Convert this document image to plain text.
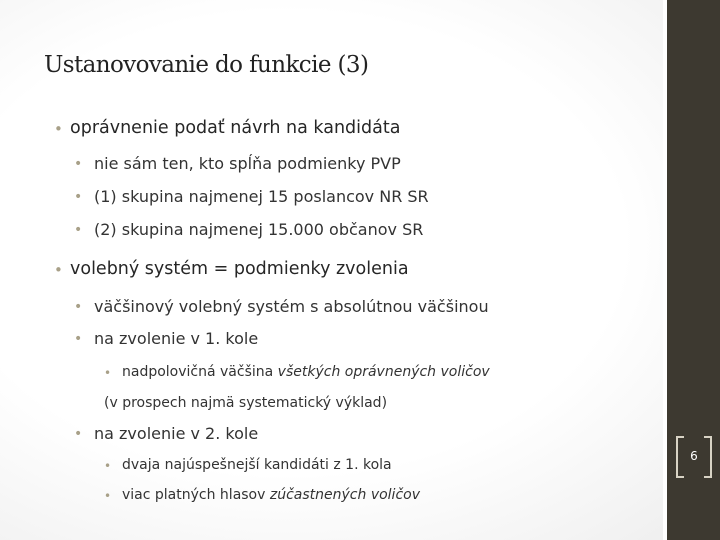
Ustanovovanie do funkcie (3)
• oprávnenie podať návrh na kandidáta
• nie sám ten, kto spĺňa podmienky PVP
• (1) skupina najmenej 15 poslancov NR SR
• (2) skupina najmenej 15.000 občanov SR
• volebný systém = podmienky zvolenia
• väčšinový volebný systém s absolútnou väčšinou
• na zvolenie v 1. kole
• nadpolovičná väčšina všetkých oprávnených voličov
(v prospech najmä systematický výklad)
• na zvolenie v 2. kole
• dvaja najúspešnejší kandidáti z 1. kola
• viac platných hlasov zúčastnených voličov
6
